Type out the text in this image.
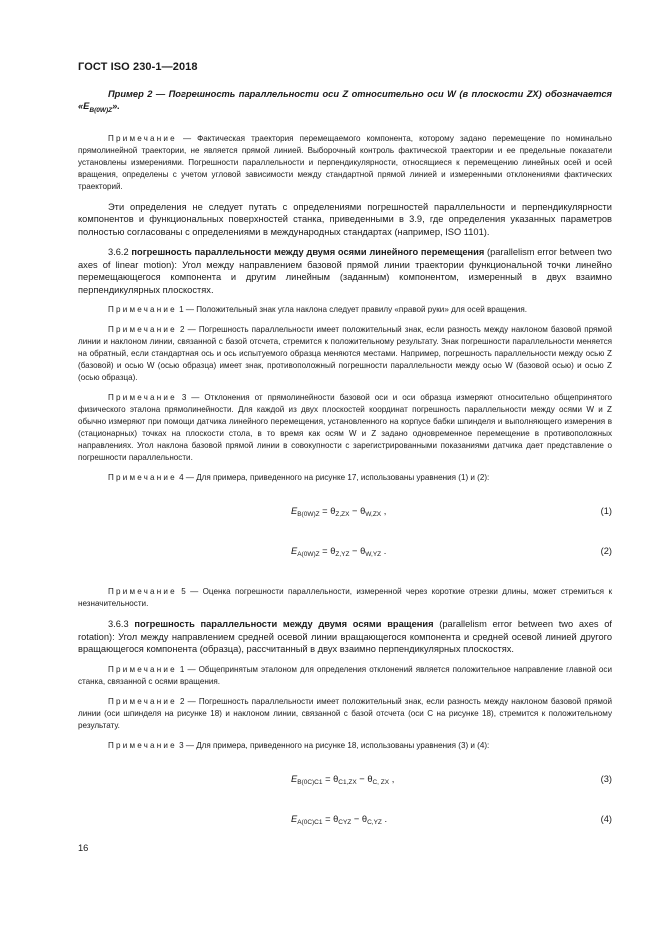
ГОСТ ISO 230-1—2018

Пример 2 — Погрешность параллельности оси Z относительно оси W (в плоскости ZX) обозначается «$E_{B(0W)Z}$».

Примечание — Фактическая траектория перемещаемого компонента, которому задано перемещение по номинально прямолинейной траектории, не является прямой линией. Выборочный контроль фактической траектории и ее предельные показатели установлены измерениями. Погрешности параллельности и перпендикулярности, относящиеся к перемещению линейных осей и осей вращения, определены с учетом угловой зависимости между стандартной прямой линией и измеренными отклонениями фактических траекторий.

Эти определения не следует путать с определениями погрешностей параллельности и перпендикулярности компонентов и функциональных поверхностей станка, приведенными в 3.9, где определения указанных параметров полностью согласованы с определениями в международных стандартах (например, ISO 1101).

3.6.2 погрешность параллельности между двумя осями линейного перемещения (parallelism error between two axes of linear motion): Угол между направлением базовой прямой линии траектории функциональной точки линейно перемещающегося компонента и другим линейным (заданным) компонентом, измеренный в двух взаимно перпендикулярных плоскостях.

Примечание 1 — Положительный знак угла наклона следует правилу «правой руки» для осей вращения.

Примечание 2 — Погрешность параллельности имеет положительный знак, если разность между наклоном базовой прямой линии и наклоном линии, связанной с базой отсчета, стремится к положительному результату. Знак погрешности параллельности меняется на обратный, если стандартная ось и ось испытуемого образца меняются местами. Например, погрешность параллельности между осью Z (базовой) и осью W (осью образца) имеет знак, противоположный погрешности параллельности между осью W (базовой осью) и осью Z (осью образца).

Примечание 3 — Отклонения от прямолинейности базовой оси и оси образца измеряют относительно общепринятого физического эталона прямолинейности. Для каждой из двух плоскостей координат погрешность параллельности между осями W и Z обычно измеряют при помощи датчика линейного перемещения, установленного на корпусе бабки шпинделя и выполняющего измерения в (стационарных) точках на плоскости стола, в то время как осям W и Z задано одновременное перемещение в противоположных направлениях. Угол наклона базовой прямой линии в совокупности с зарегистрированными показаниями датчика дает представление о погрешности параллельности.

Примечание 4 — Для примера, приведенного на рисунке 17, использованы уравнения (1) и (2):

$E_{B(0W)Z} = \theta_{Z,ZX} - \theta_{W,ZX}$ ,	(1)
$E_{A(0W)Z} = \theta_{Z,YZ} - \theta_{W,YZ}$ .	(2)

Примечание 5 — Оценка погрешности параллельности, измеренной через короткие отрезки длины, может стремиться к незначительности.

3.6.3 погрешность параллельности между двумя осями вращения (parallelism error between two axes of rotation): Угол между направлением средней осевой линии вращающегося компонента и средней осевой линией другого вращающегося компонента (образца), рассчитанный в двух взаимно перпендикулярных плоскостях.

Примечание 1 — Общепринятым эталоном для определения отклонений является положительное направление главной оси станка, связанной с осями вращения.

Примечание 2 — Погрешность параллельности имеет положительный знак, если разность между наклоном базовой прямой линии (оси шпинделя на рисунке 18) и наклоном линии, связанной с базой отсчета (оси C на рисунке 18), стремится к положительному результату.

Примечание 3 — Для примера, приведенного на рисунке 18, использованы уравнения (3) и (4):

$E_{B(0C)C1} = \theta_{C1,ZX} - \theta_{C, ZX}$ ,	(3)
$E_{A(0C)C1} = \theta_{CYZ} - \theta_{C,YZ}$ .	(4)
16
